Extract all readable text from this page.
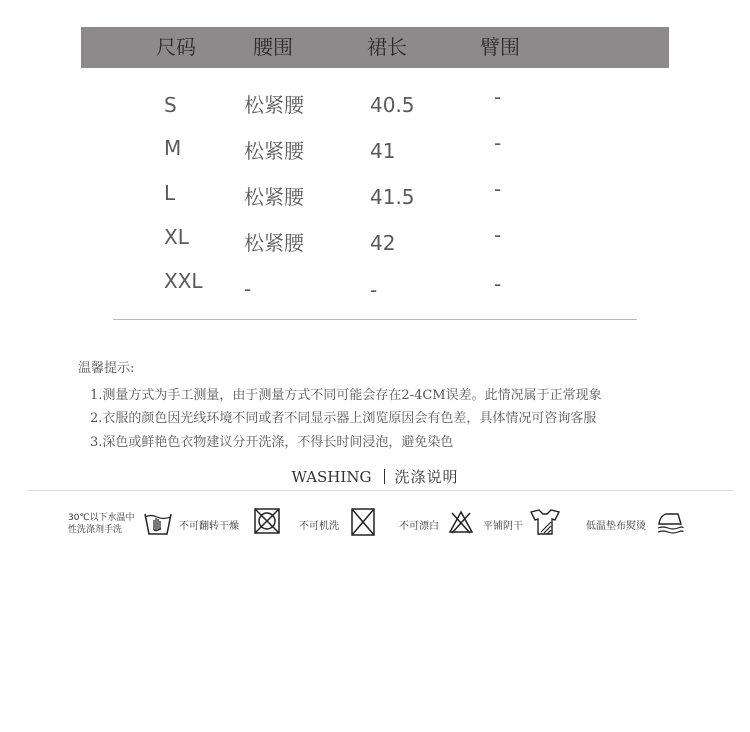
尺码	腰围	裙长	臂围
S	松紧腰	40.5	-
M	松紧腰	41	-
L	松紧腰	41.5	-
XL	松紧腰	42	-
XXL -	-	-
温馨提示:
1.测量方式为手工测量，由于测量方式不同可能会存在2-4CM误差。此情况属于正常现象
2.衣服的颜色因光线环境不同或者不同显示器上浏览原因会有色差，具体情况可咨询客服
3.深色或鲜艳色衣物建议分开洗涤，不得长时间浸泡，避免染色
WASHING 洗涤说明
30℃以下水温中
性洗涤剂手洗	不可翻转干燥	不可机洗	不可漂白	平铺阴干	低温垫布熨烫
